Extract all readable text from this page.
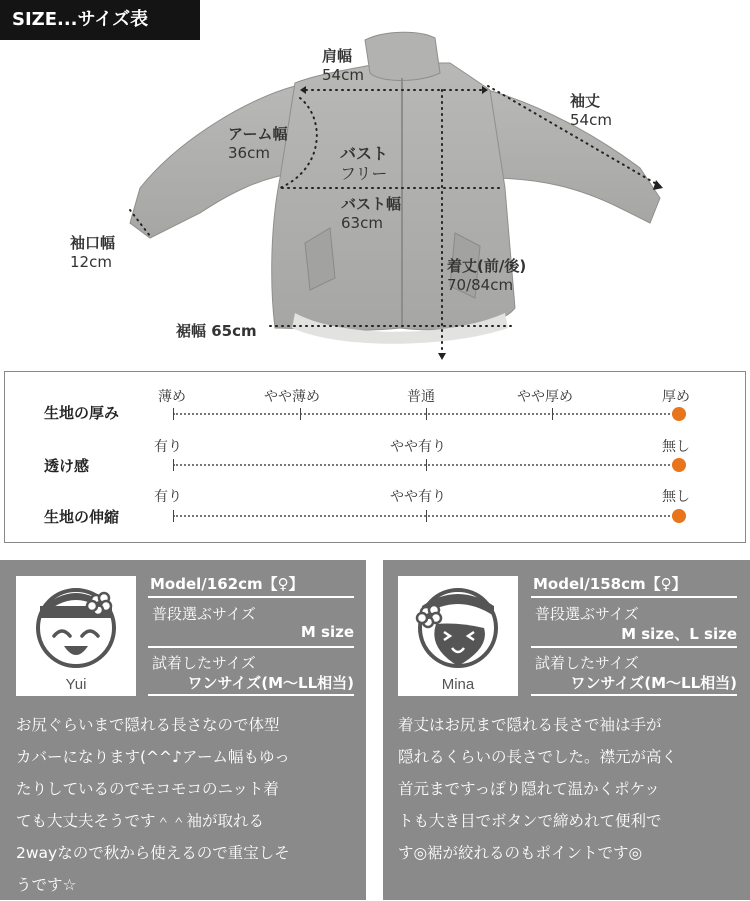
SIZE...サイズ表
肩幅
54cm
袖丈
54cm
アーム幅
36cm	バスト
フリー
バスト幅
63cm
袖口幅
12cm	着丈(前/後)
70/84cm
裾幅 65cm
生地の厚み
薄め	やや薄め	普通	やや厚め	厚め
透け感
有り	やや有り	無し
生地の伸縮
有り	やや有り	無し
Yui
Model/162cm【♀】
普段選ぶサイズ
M size
試着したサイズ
ワンサイズ(M〜LL相当)
お尻ぐらいまで隠れる長さなので体型
カバーになります(^^♪アーム幅もゆっ
たりしているのでモコモコのニット着
ても大丈夫そうです＾＾袖が取れる
2wayなので秋から使えるので重宝しそ
うです☆
Mina
Model/158cm【♀】
普段選ぶサイズ
M size、L size
試着したサイズ
ワンサイズ(M〜LL相当)
着丈はお尻まで隠れる長さで袖は手が
隠れるくらいの長さでした。襟元が高く
首元まですっぽり隠れて温かくポケッ
トも大き目でボタンで締めれて便利で
す◎裾が絞れるのもポイントです◎
